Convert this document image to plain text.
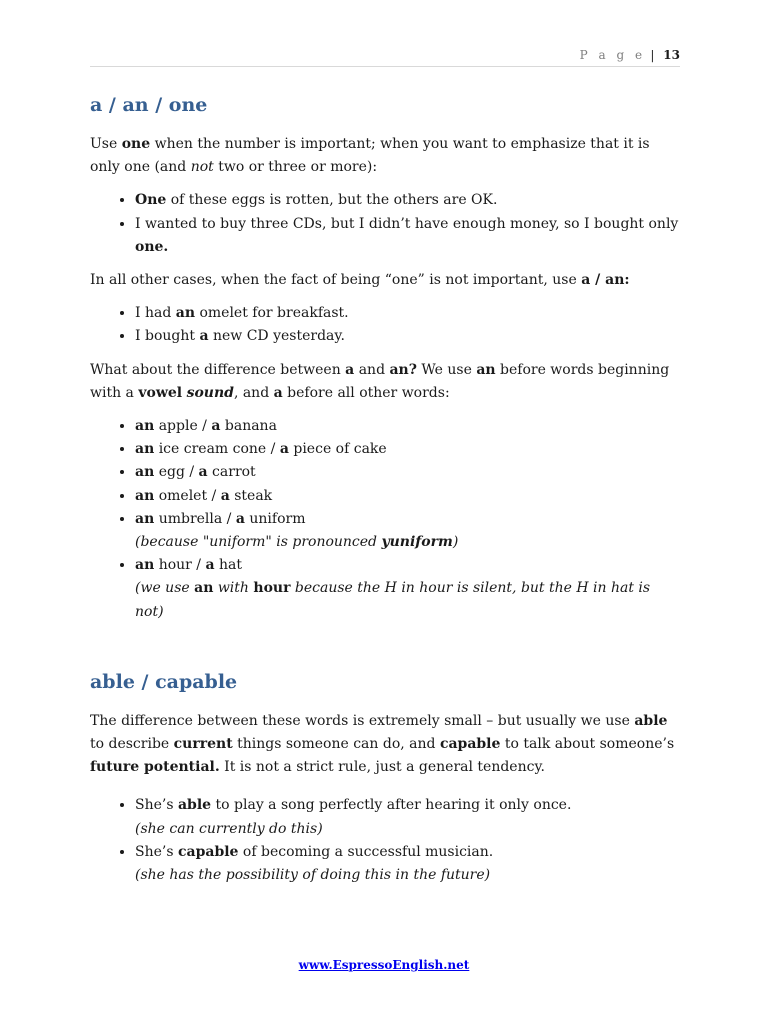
P a g e | 13
a / an / one

Use one when the number is important; when you want to emphasize that it is only one (and not two or three or more):

• One of these eggs is rotten, but the others are OK.
• I wanted to buy three CDs, but I didn’t have enough money, so I bought only one.

In all other cases, when the fact of being “one” is not important, use a / an:

• I had an omelet for breakfast.
• I bought a new CD yesterday.

What about the difference between a and an? We use an before words beginning with a vowel sound, and a before all other words:

• an apple / a banana
• an ice cream cone / a piece of cake
• an egg / a carrot
• an omelet / a steak
• an umbrella / a uniform
(because "uniform" is pronounced yuniform)
• an hour / a hat
(we use an with hour because the H in hour is silent, but the H in hat is not)
able / capable

The difference between these words is extremely small – but usually we use able to describe current things someone can do, and capable to talk about someone’s future potential. It is not a strict rule, just a general tendency.

• She’s able to play a song perfectly after hearing it only once.
(she can currently do this)
• She’s capable of becoming a successful musician.
(she has the possibility of doing this in the future)
www.EspressoEnglish.net
